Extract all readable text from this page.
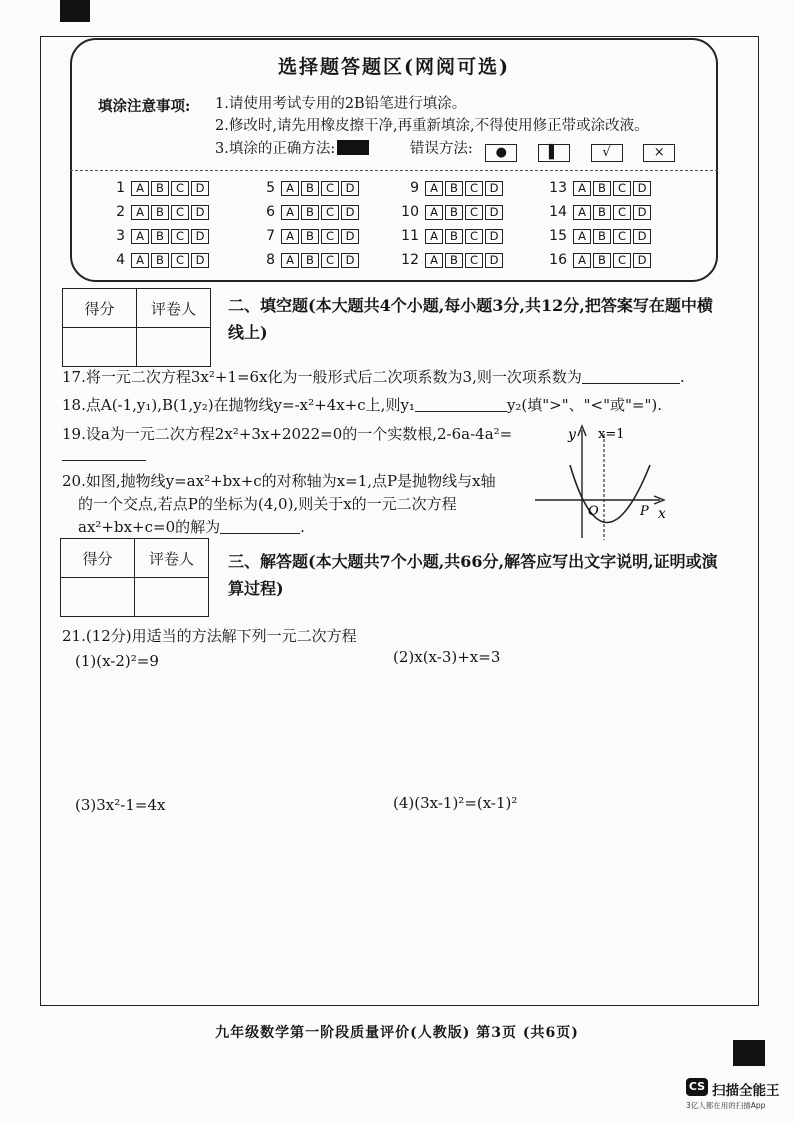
选择题答题区(网阅可选)
填涂注意事项: 1.请使用考试专用的2B铅笔进行填涂。
2.修改时,请先用橡皮擦干净,再重新填涂,不得使用修正带或涂改液。
3.填涂的正确方法:	错误方法: ●	▌	√	×
1 A	B	C	D
2 A	B	C	D
3 A	B	C	D
4 A	B	C	D
5 A	B	C	D
6 A	B	C	D
7 A	B	C	D
8 A	B	C	D
9 A	B	C	D
10 A	B	C	D
11 A	B	C	D
12 A	B	C	D
13 A	B	C	D
14 A	B	C	D
15 A	B	C	D
16 A	B	C	D
得分	评卷人
	二、填空题(本大题共4个小题,每小题3分,共12分,把答案写在题中横
线上)
17.将一元二次方程3x²+1=6x化为一般形式后二次项系数为3,则一次项系数为	.
18.点A(-1,y₁),B(1,y₂)在抛物线y=-x²+4x+c上,则y₁	y₂(填">"、"<"或"=").
19.设a为一元二次方程2x²+3x+2022=0的一个实数根,2-6a-4a²=
20.如图,抛物线y=ax²+bx+c的对称轴为x=1,点P是抛物线与x轴
的一个交点,若点P的坐标为(4,0),则关于x的一元二次方程
ax²+bx+c=0的解为	.
y x=1
O	P x
得分	评卷人
	三、解答题(本大题共7个小题,共66分,解答应写出文字说明,证明或演
算过程)
21.(12分)用适当的方法解下列一元二次方程
(1)(x-2)²=9	(2)x(x-3)+x=3
(3)3x²-1=4x	(4)(3x-1)²=(x-1)²
九年级数学第一阶段质量评价(人教版) 第3页 (共6页)
CS 扫描全能王
3亿人都在用的扫描App
